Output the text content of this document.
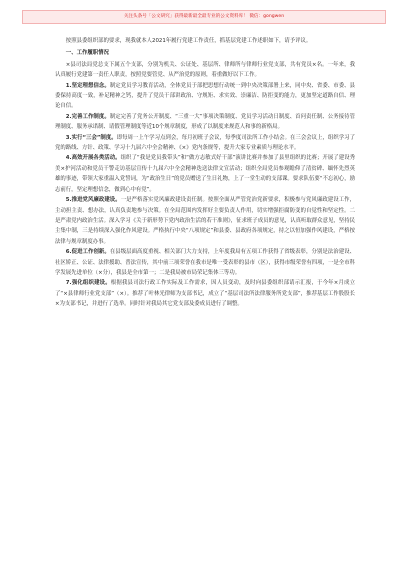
关注头条号「公文研究」获得最新最全最专业的公文资料库！ 微信：gongwen

按照县委组织部的要求，现我就本人2021年履行党建工作责任，抓基层党建工作述职如下，请予评议。

一、工作履职情况

×县司法局党总支下属五个支部，分别为机关、公证处、基层所、律师所与律师行业党支部，共有党员×名。一年来，我认真履行党建第一责任人职责，按照党要管党、从严治党的原则，着重做好以下工作。

1.坚定理想信念。制定党员学习教育活动，全体党员于部把思想行动统一到中央决策部署上来，同中央、省委、市委、县委保持高度一致，补足精神之钙，提升了党员干部讲政治、守规矩、求实效、崇廉洁、防拒变的能力，更加坚定道路自信、理论自信。

2.完善工作制度。制定完善了党务公开制度、“三重一大”事项决策制度、党员学习活动日制度、首问责任制、公务接待管理制度、服务承诺制、请假管理制度等近10个规章制度，形成了以制度来规范人和事的新格局。

3.实行“三会”制度。即每周一上午学习点到会，每月初班子会议，每季度司法所工作小结会。在三会会议上，组织学习了党的路线、方针、政策、学习十九届六中全会精神、《×》党内条规等，提升大家专业素质与理论水平。

4.高效开展各类活动。组织了“我是党员我带头”和“做方志敏式好干部”演讲比赛并参加了县里组织的比赛；开展了建设秀美×护河活动和党员干警走访基层宣传十九届六中全会精神迭送法律文宣活动；组织全局党员参观瞻仰了清贫碑、缅怀先烈英雄的事迹，带领大家重温入党誓词，为“政治生日”的党员赠送了生日礼物，上了一堂生动的支部课。要求队伍要“不忘初心，励志前行，坚定理想信念，做到心中有党”。

5.推进党风廉政建设。一是严格落实党风廉政建设责任制。按照全面从严管党治党新要求，积极参与党风廉政建设工作，主动担主责、想办法，认真负责地参与决策。在全局范围内发挥好主要负责人作用，切实增强拒腐防变的自觉性和坚定性。二是严肃党内政治生活。深入学习《关于新形势下党内政治生活的若干准则》，征求班子成员的意见，认真听取群众意见，坚持民主集中制，三是持续深入强化作风建设。严格执行中央“八项规定”和县委、县政府各项规定，持之以恒加强作风建设，严格按法律与规章制度办事。

6.促进工作创新。在县级层面高度重视、相关部门大力支持，上年度我局有五项工作获得了省级表彰，分别是法治建设、社区矫正、公证、法律援助、普法宣传，其中前三项荣誉在我市是唯一受表彰的县市（区），获得市级荣誉有四项，一是全市科学发展先进单位（×分），我县是全市第一；二是我局被市局荣记集体三等功。

7.强化组织建设。根据我县司法行政工作实际及工作需求，因人员变动，及时向县委组织部请示汇报，于今年×月成立了“×县律师行业党支部”（×）。推荐了叶林光律师为支部书记，成立了“基层司法所法律服务所党支部”，推荐基层工作股股长×为支部书记，并进行了选举。同时针对我局其它党支部及委成员进行了调整。
